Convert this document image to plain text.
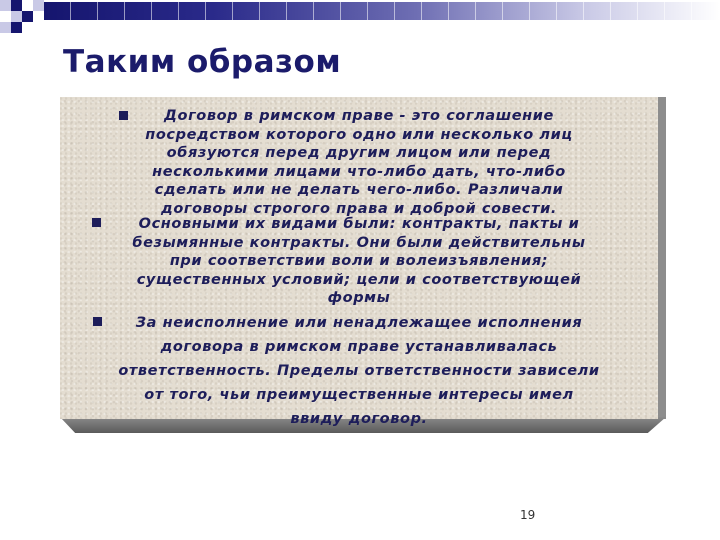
Таким образом
Договор в римском праве - это соглашение
посредством которого одно или несколько лиц
обязуются перед другим лицом или перед
несколькими лицами что-либо дать, что-либо
сделать или не делать чего-либо. Различали
договоры строгого права и доброй совести.
Основными их видами были: контракты, пакты и
безымянные контракты. Они были действительны
при соответствии воли и волеизъявления;
существенных условий; цели и соответствующей
формы
За неисполнение или ненадлежащее исполнения
договора в римском праве устанавливалась
ответственность. Пределы ответственности зависели
от того, чьи преимущественные интересы имел
ввиду договор.
19
